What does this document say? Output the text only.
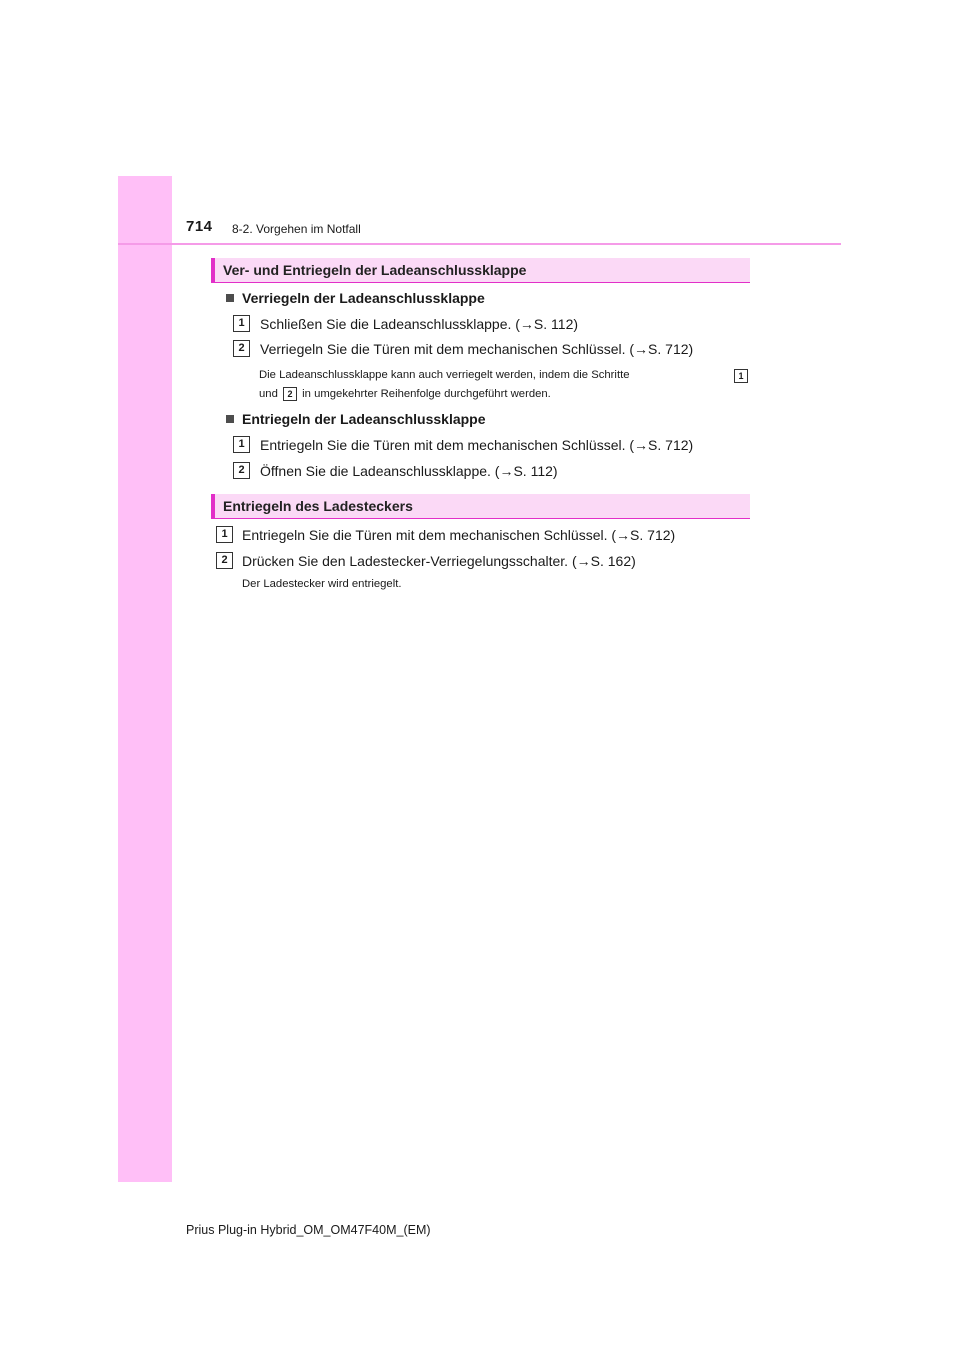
714 8-2. Vorgehen im Notfall
Ver- und Entriegeln der Ladeanschlussklappe
Verriegeln der Ladeanschlussklappe
1	Schließen Sie die Ladeanschlussklappe. (→S. 112)
2	Verriegeln Sie die Türen mit dem mechanischen Schlüssel. (→S. 712)
Die Ladeanschlussklappe kann auch verriegelt werden, indem die Schritte	1
und 2 in umgekehrter Reihenfolge durchgeführt werden.
Entriegeln der Ladeanschlussklappe
1	Entriegeln Sie die Türen mit dem mechanischen Schlüssel. (→S. 712)
2	Öffnen Sie die Ladeanschlussklappe. (→S. 112)
Entriegeln des Ladesteckers
1	Entriegeln Sie die Türen mit dem mechanischen Schlüssel. (→S. 712)
2	Drücken Sie den Ladestecker-Verriegelungsschalter. (→S. 162)
Der Ladestecker wird entriegelt.
Prius Plug-in Hybrid_OM_OM47F40M_(EM)
